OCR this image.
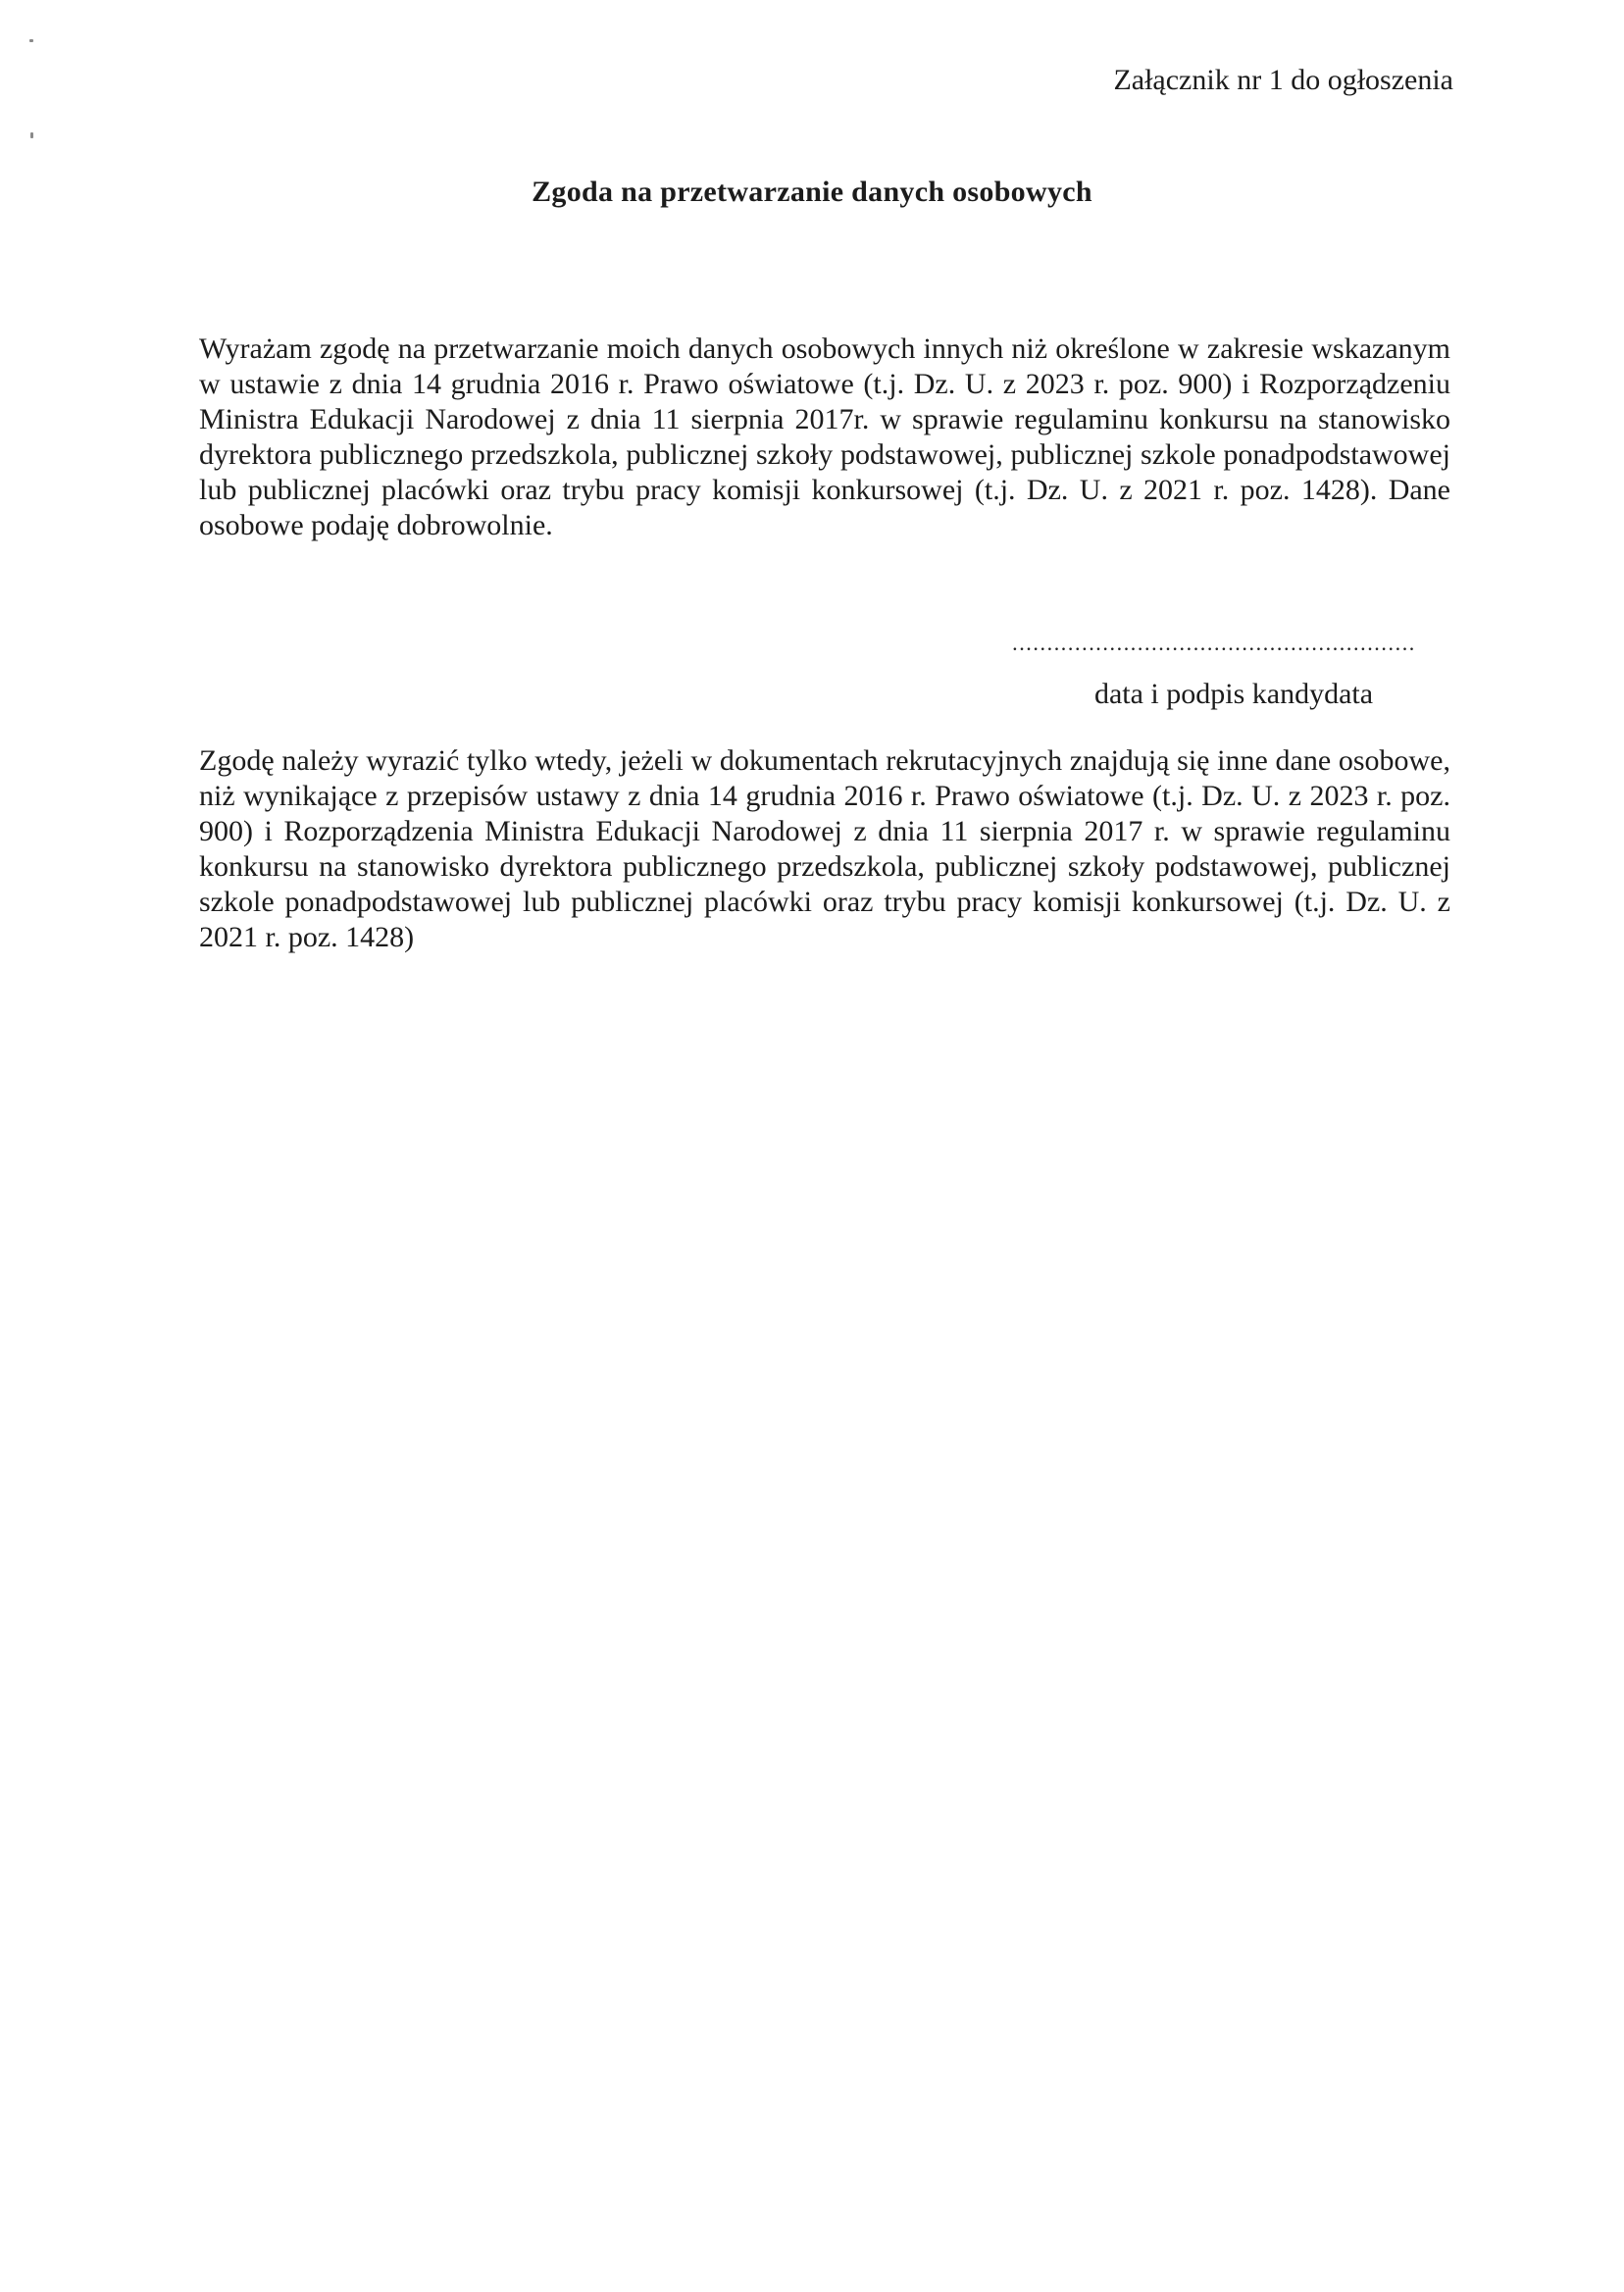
Załącznik nr 1 do ogłoszenia
Zgoda na przetwarzanie danych osobowych
Wyrażam zgodę na przetwarzanie moich danych osobowych innych niż określone w zakresie wskazanym w ustawie z dnia 14 grudnia 2016 r. Prawo oświatowe (t.j. Dz. U. z 2023 r. poz. 900) i Rozporządzeniu Ministra Edukacji Narodowej z dnia 11 sierpnia 2017r. w sprawie regulaminu konkursu na stanowisko dyrektora publicznego przedszkola, publicznej szkoły podstawowej, publicznej szkole ponadpodstawowej lub publicznej placówki oraz trybu pracy komisji konkursowej (t.j. Dz. U. z 2021 r. poz. 1428). Dane osobowe podaję dobrowolnie.
..........................................................
data i podpis kandydata
Zgodę należy wyrazić tylko wtedy, jeżeli w dokumentach rekrutacyjnych znajdują się inne dane osobowe, niż wynikające z przepisów ustawy z dnia 14 grudnia 2016 r. Prawo oświatowe (t.j. Dz. U. z 2023 r. poz. 900) i Rozporządzenia Ministra Edukacji Narodowej z dnia 11 sierpnia 2017 r. w sprawie regulaminu konkursu na stanowisko dyrektora publicznego przedszkola, publicznej szkoły podstawowej, publicznej szkole ponadpodstawowej lub publicznej placówki oraz trybu pracy komisji konkursowej (t.j. Dz. U. z 2021 r. poz. 1428)
